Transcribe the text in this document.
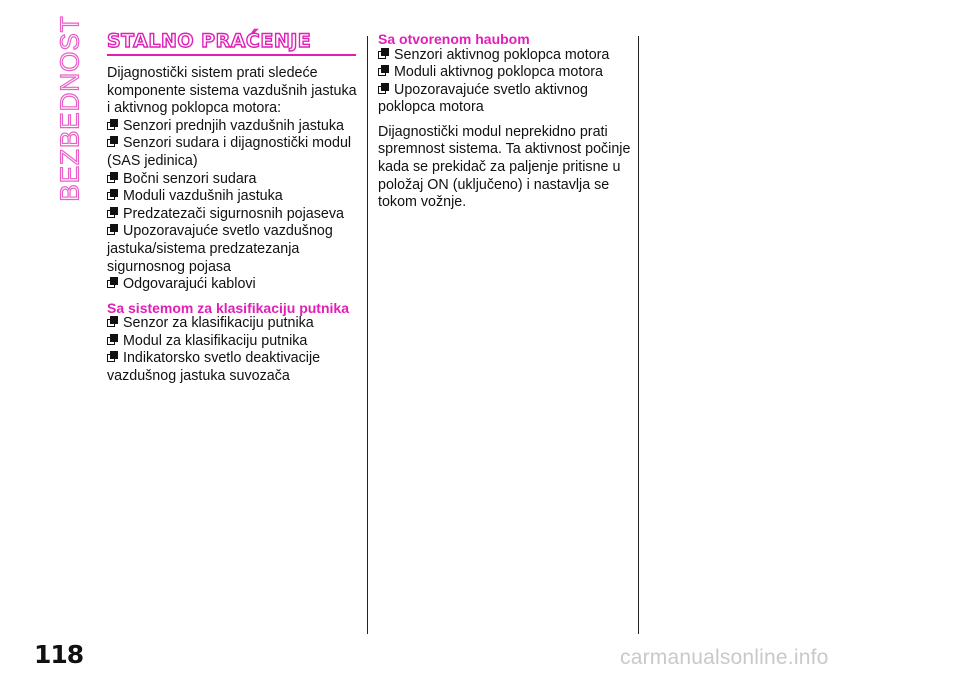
BEZBEDNOST STALNO PRAĆENJE

Dijagnostički sistem prati sledeće komponente sistema vazdušnih jastuka i aktivnog poklopca motora:

Senzori prednjih vazdušnih jastuka
Senzori sudara i dijagnostički modul (SAS jedinica)
Bočni senzori sudara
Moduli vazdušnih jastuka
Predzatezači sigurnosnih pojaseva
Upozoravajuće svetlo vazdušnog jastuka/sistema predzatezanja sigurnosnog pojasa
Odgovarajući kablovi
Sa sistemom za klasifikaciju putnika
Senzor za klasifikaciju putnika
Modul za klasifikaciju putnika
Indikatorsko svetlo deaktivacije vazdušnog jastuka suvozača
Sa otvorenom haubom
Senzori aktivnog poklopca motora
Moduli aktivnog poklopca motora
Upozoravajuće svetlo aktivnog poklopca motora

Dijagnostički modul neprekidno prati spremnost sistema. Ta aktivnost počinje kada se prekidač za paljenje pritisne u položaj ON (uključeno) i nastavlja se tokom vožnje.

118	carmanualsonline.info
